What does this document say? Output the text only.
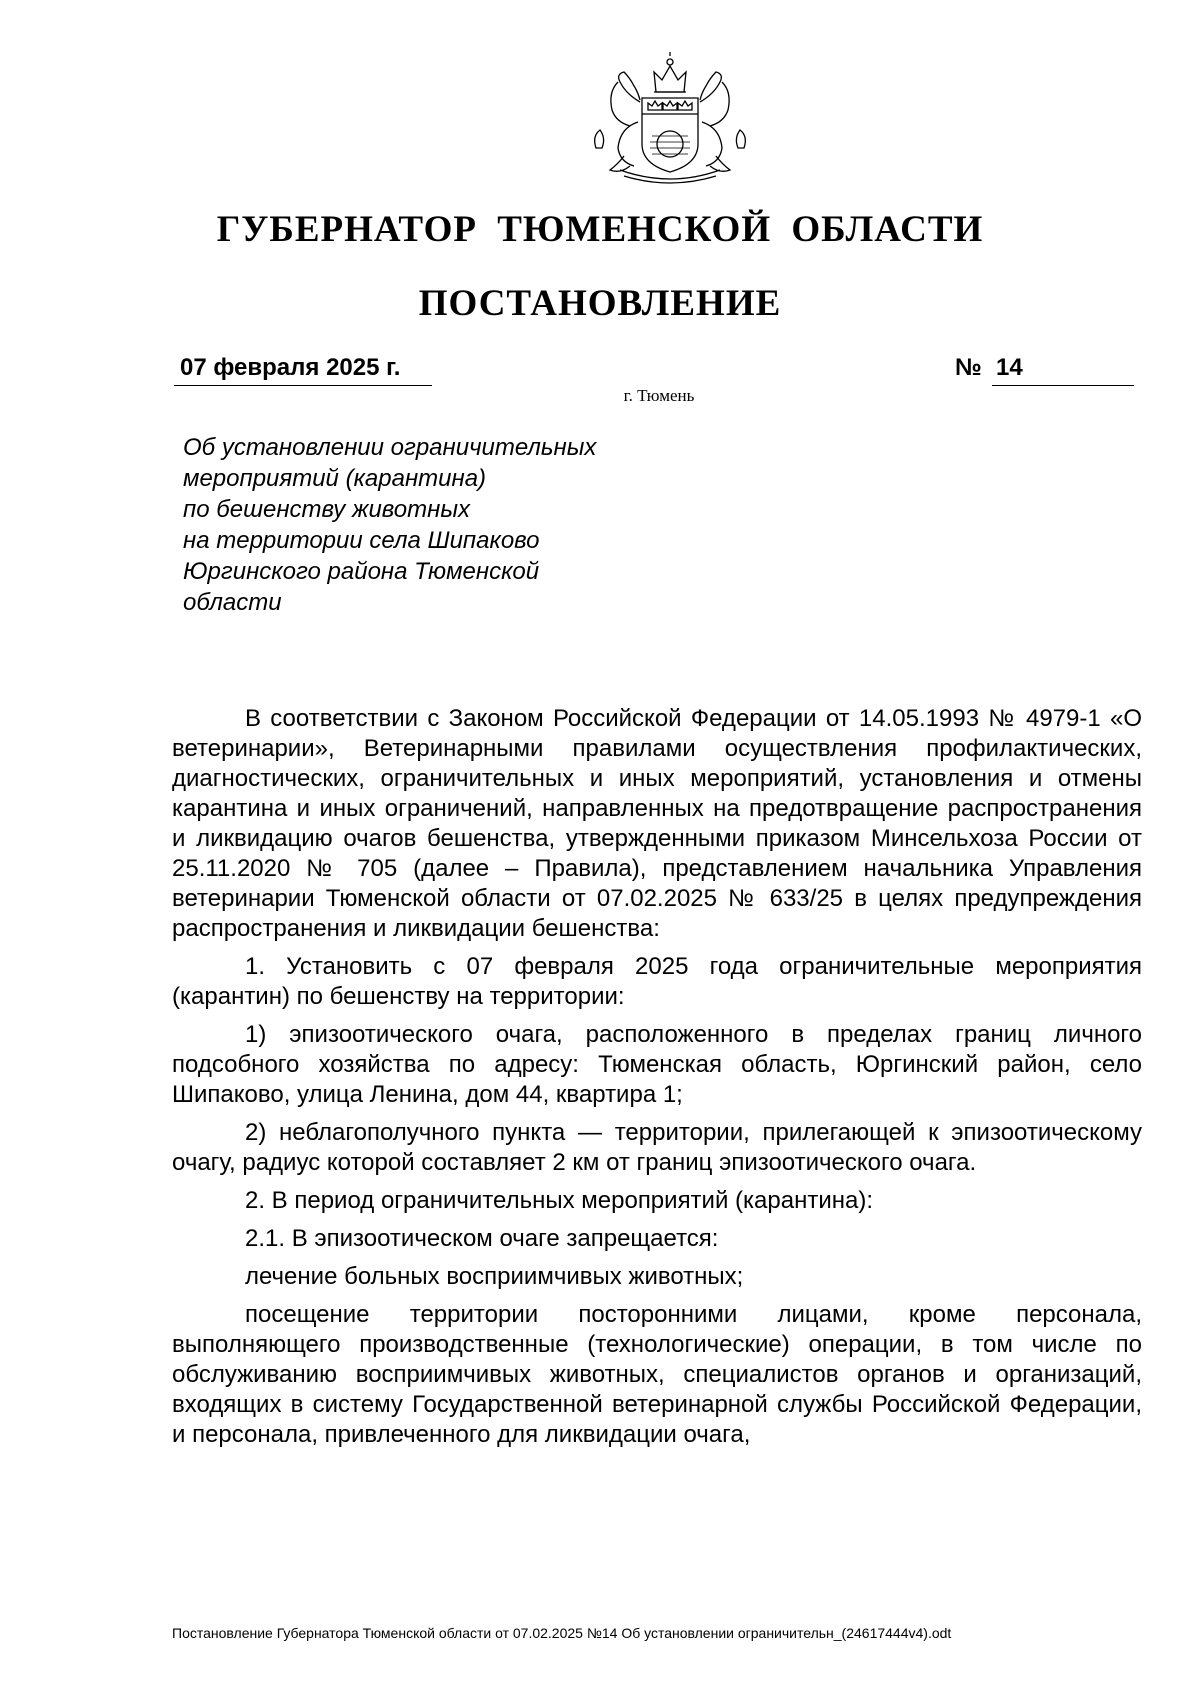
ГУБЕРНАТОР ТЮМЕНСКОЙ ОБЛАСТИ
ПОСТАНОВЛЕНИЕ
07 февраля 2025 г.	№ 14
г. Тюмень
Об установлении ограничительных
мероприятий (карантина)
по бешенству животных
на территории села Шипаково
Юргинского района Тюменской
области

В соответствии с Законом Российской Федерации от 14.05.1993 № 4979-1 «О ветеринарии», Ветеринарными правилами осуществления профилактических, диагностических, ограничительных и иных мероприятий, установления и отмены карантина и иных ограничений, направленных на предотвращение распространения и ликвидацию очагов бешенства, утвержденными приказом Минсельхоза России от 25.11.2020 № 705 (далее – Правила), представлением начальника Управления ветеринарии Тюменской области от 07.02.2025 № 633/25 в целях предупреждения распространения и ликвидации бешенства:

1. Установить с 07 февраля 2025 года ограничительные мероприятия (карантин) по бешенству на территории:

1) эпизоотического очага, расположенного в пределах границ личного подсобного хозяйства по адресу: Тюменская область, Юргинский район, село Шипаково, улица Ленина, дом 44, квартира 1;

2) неблагополучного пункта — территории, прилегающей к эпизоотическому очагу, радиус которой составляет 2 км от границ эпизоотического очага.

2. В период ограничительных мероприятий (карантина):

2.1. В эпизоотическом очаге запрещается:

лечение больных восприимчивых животных;

посещение территории посторонними лицами, кроме персонала, выполняющего производственные (технологические) операции, в том числе по обслуживанию восприимчивых животных, специалистов органов и организаций, входящих в систему Государственной ветеринарной службы Российской Федерации, и персонала, привлеченного для ликвидации очага,

Постановление Губернатора Тюменской области от 07.02.2025 №14 Об установлении ограничительн_(24617444v4).odt
